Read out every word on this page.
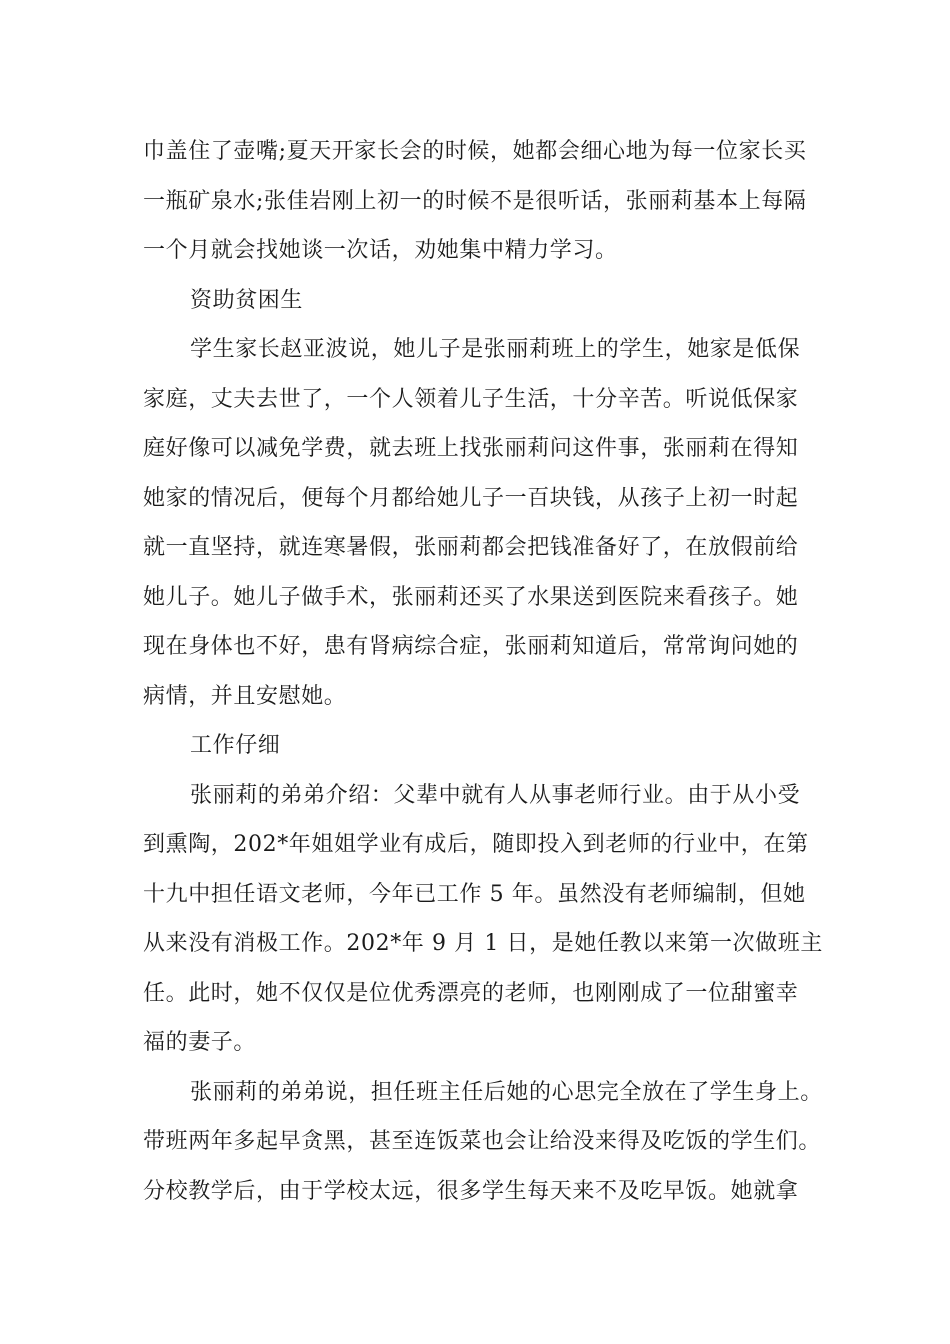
巾盖住了壶嘴;夏天开家长会的时候，她都会细心地为每一位家长买
一瓶矿泉水;张佳岩刚上初一的时候不是很听话，张丽莉基本上每隔
一个月就会找她谈一次话，劝她集中精力学习。
资助贫困生
学生家长赵亚波说，她儿子是张丽莉班上的学生，她家是低保
家庭，丈夫去世了，一个人领着儿子生活，十分辛苦。听说低保家
庭好像可以减免学费，就去班上找张丽莉问这件事，张丽莉在得知
她家的情况后，便每个月都给她儿子一百块钱，从孩子上初一时起
就一直坚持，就连寒暑假，张丽莉都会把钱准备好了，在放假前给
她儿子。她儿子做手术，张丽莉还买了水果送到医院来看孩子。她
现在身体也不好，患有肾病综合症，张丽莉知道后，常常询问她的
病情，并且安慰她。
工作仔细
张丽莉的弟弟介绍：父辈中就有人从事老师行业。由于从小受
到熏陶，202*年姐姐学业有成后，随即投入到老师的行业中，在第
十九中担任语文老师，今年已工作 5 年。虽然没有老师编制，但她
从来没有消极工作。202*年 9 月 1 日，是她任教以来第一次做班主
任。此时，她不仅仅是位优秀漂亮的老师，也刚刚成了一位甜蜜幸
福的妻子。
张丽莉的弟弟说，担任班主任后她的心思完全放在了学生身上。
带班两年多起早贪黑，甚至连饭菜也会让给没来得及吃饭的学生们。
分校教学后，由于学校太远，很多学生每天来不及吃早饭。她就拿
